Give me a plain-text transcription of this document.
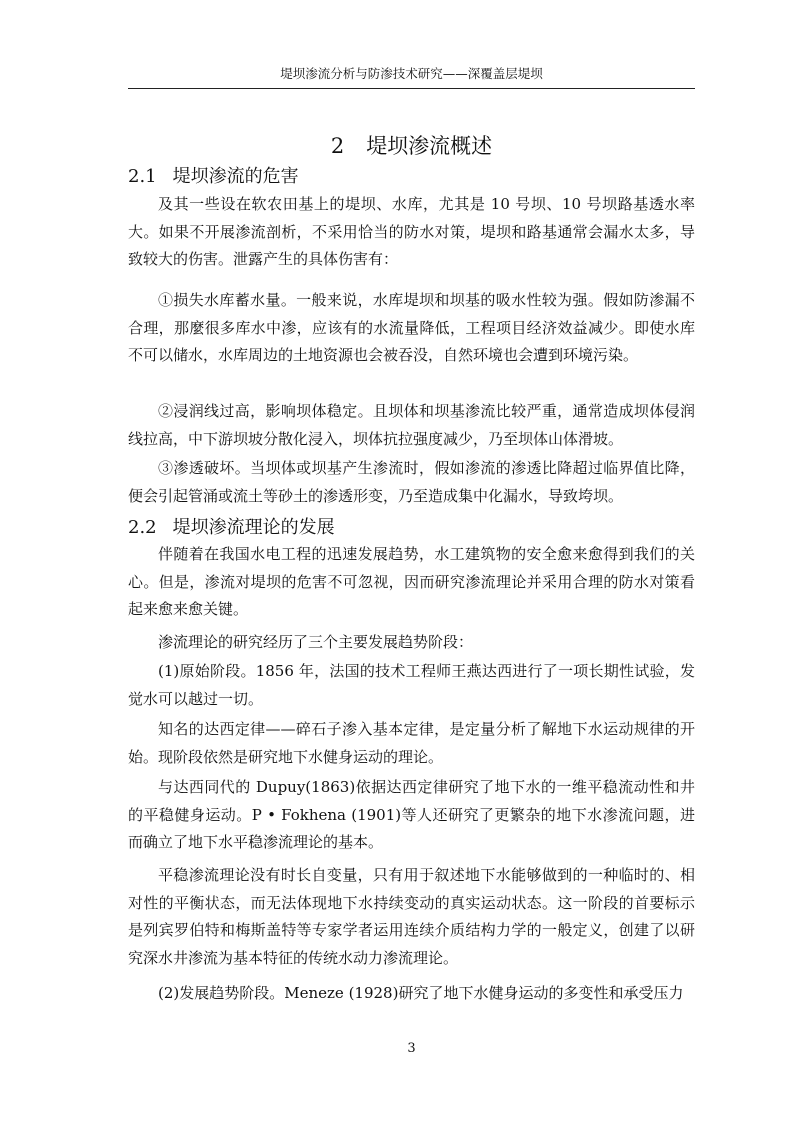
堤坝渗流分析与防渗技术研究——深覆盖层堤坝
2 堤坝渗流概述
2.1 堤坝渗流的危害

及其一些设在软农田基上的堤坝、水库，尤其是 10 号坝、10 号坝路基透水率大。如果不开展渗流剖析，不采用恰当的防水对策，堤坝和路基通常会漏水太多，导致较大的伤害。泄露产生的具体伤害有：

①损失水库蓄水量。一般来说，水库堤坝和坝基的吸水性较为强。假如防渗漏不合理，那麼很多库水中渗，应该有的水流量降低，工程项目经济效益减少。即使水库不可以储水，水库周边的土地资源也会被吞没，自然环境也会遭到环境污染。

②浸润线过高，影响坝体稳定。且坝体和坝基渗流比较严重，通常造成坝体侵润线拉高，中下游坝坡分散化浸入，坝体抗拉强度减少，乃至坝体山体滑坡。

③渗透破坏。当坝体或坝基产生渗流时，假如渗流的渗透比降超过临界值比降，便会引起管涌或流土等砂土的渗透形变，乃至造成集中化漏水，导致垮坝。

2.2 堤坝渗流理论的发展

伴随着在我国水电工程的迅速发展趋势，水工建筑物的安全愈来愈得到我们的关心。但是，渗流对堤坝的危害不可忽视，因而研究渗流理论并采用合理的防水对策看起来愈来愈关键。

渗流理论的研究经历了三个主要发展趋势阶段：

(1)原始阶段。1856 年，法国的技术工程师王燕达西进行了一项长期性试验，发觉水可以越过一切。

知名的达西定律——碎石子渗入基本定律，是定量分析了解地下水运动规律的开始。现阶段依然是研究地下水健身运动的理论。

与达西同代的 Dupuy(1863)依据达西定律研究了地下水的一维平稳流动性和井的平稳健身运动。P • Fokhena (1901)等人还研究了更繁杂的地下水渗流问题，进而确立了地下水平稳渗流理论的基本。

平稳渗流理论没有时长自变量，只有用于叙述地下水能够做到的一种临时的、相对性的平衡状态，而无法体现地下水持续变动的真实运动状态。这一阶段的首要标示是列宾罗伯特和梅斯盖特等专家学者运用连续介质结构力学的一般定义，创建了以研究深水井渗流为基本特征的传统水动力渗流理论。

(2)发展趋势阶段。Meneze (1928)研究了地下水健身运动的多变性和承受压力

3
